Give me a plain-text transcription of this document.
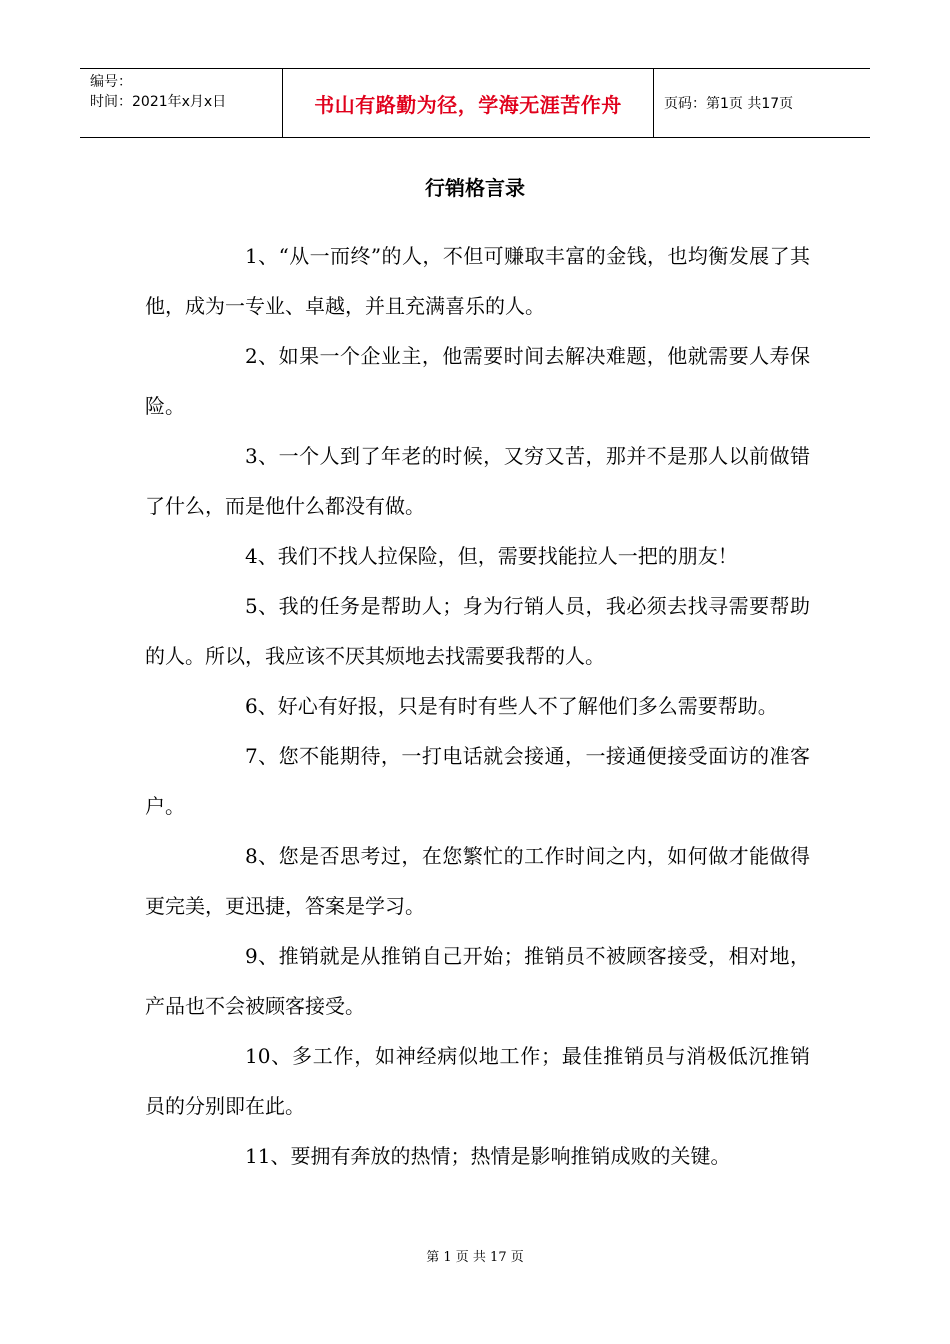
编号：
时间：2021年x月x日	书山有路勤为径，学海无涯苦作舟	页码：第1页 共17页
行销格言录

1、“从一而终”的人，不但可赚取丰富的金钱，也均衡发展了其他，成为一专业、卓越，并且充满喜乐的人。

2、如果一个企业主，他需要时间去解决难题，他就需要人寿保险。

3、一个人到了年老的时候，又穷又苦，那并不是那人以前做错了什么，而是他什么都没有做。

4、我们不找人拉保险，但，需要找能拉人一把的朋友！

5、我的任务是帮助人；身为行销人员，我必须去找寻需要帮助的人。所以，我应该不厌其烦地去找需要我帮的人。

6、好心有好报，只是有时有些人不了解他们多么需要帮助。

7、您不能期待，一打电话就会接通，一接通便接受面访的准客户。

8、您是否思考过，在您繁忙的工作时间之内，如何做才能做得更完美，更迅捷，答案是学习。

9、推销就是从推销自己开始；推销员不被顾客接受，相对地，产品也不会被顾客接受。

10、多工作，如神经病似地工作；最佳推销员与消极低沉推销员的分别即在此。

11、要拥有奔放的热情；热情是影响推销成败的关键。

第 1 页 共 17 页
